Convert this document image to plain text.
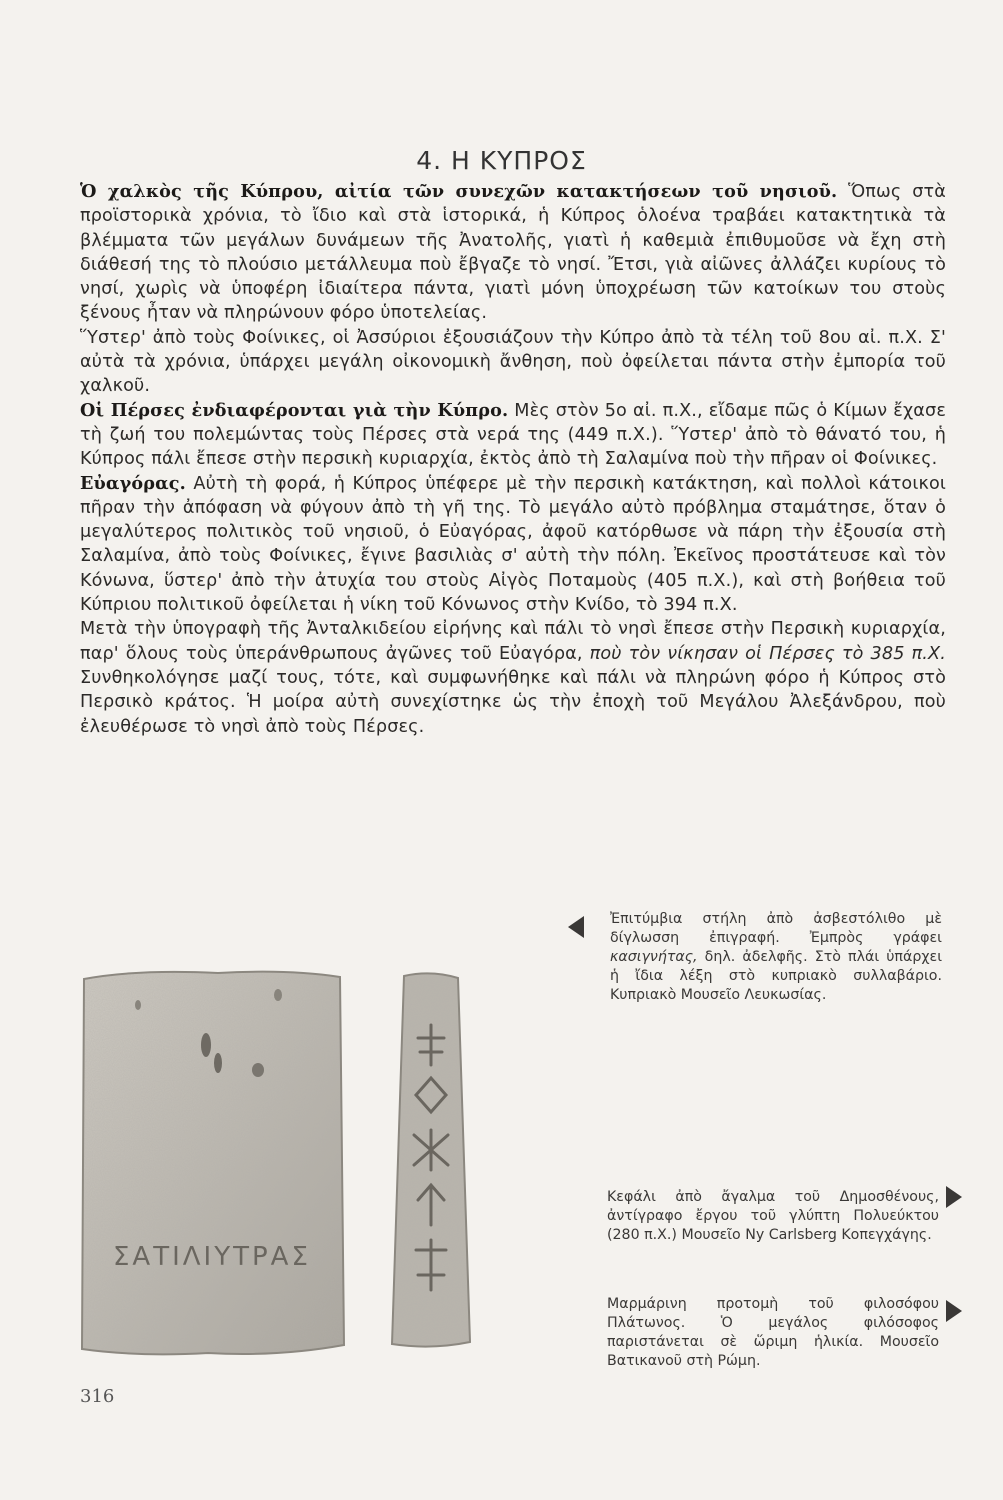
4. Η ΚΥΠΡΟΣ

Ὁ χαλκὸς τῆς Κύπρου, αἰτία τῶν συνεχῶν κατακτήσεων τοῦ νησιοῦ. Ὅπως στὰ προϊστορικὰ χρόνια, τὸ ἴδιο καὶ στὰ ἱστορικά, ἡ Κύπρος ὁλοένα τραβάει κατακτητικὰ τὰ βλέμματα τῶν μεγάλων δυνάμεων τῆς Ἀνατολῆς, γιατὶ ἡ καθεμιὰ ἐπιθυμοῦσε νὰ ἔχη στὴ διάθεσή της τὸ πλούσιο μετάλλευμα ποὺ ἔβγαζε τὸ νησί. Ἔτσι, γιὰ αἰῶνες ἀλλάζει κυρίους τὸ νησί, χωρὶς νὰ ὑποφέρη ἰδιαίτερα πάντα, γιατὶ μόνη ὑποχρέωση τῶν κατοίκων του στοὺς ξένους ἦταν νὰ πληρώνουν φόρο ὑποτελείας.

Ὕστερ' ἀπὸ τοὺς Φοίνικες, οἱ Ἀσσύριοι ἐξουσιάζουν τὴν Κύπρο ἀπὸ τὰ τέλη τοῦ 8ου αἰ. π.Χ. Σ' αὐτὰ τὰ χρόνια, ὑπάρχει μεγάλη οἰκονομικὴ ἄνθηση, ποὺ ὀφείλεται πάντα στὴν ἐμπορία τοῦ χαλκοῦ.

Οἱ Πέρσες ἐνδιαφέρονται γιὰ τὴν Κύπρο. Μὲς στὸν 5ο αἰ. π.Χ., εἴδαμε πῶς ὁ Κίμων ἔχασε τὴ ζωή του πολεμώντας τοὺς Πέρσες στὰ νερά της (449 π.Χ.). Ὕστερ' ἀπὸ τὸ θάνατό του, ἡ Κύπρος πάλι ἔπεσε στὴν περσικὴ κυριαρχία, ἐκτὸς ἀπὸ τὴ Σαλαμίνα ποὺ τὴν πῆραν οἱ Φοίνικες.

Εὐαγόρας. Αὐτὴ τὴ φορά, ἡ Κύπρος ὑπέφερε μὲ τὴν περσικὴ κατάκτηση, καὶ πολλοὶ κάτοικοι πῆραν τὴν ἀπόφαση νὰ φύγουν ἀπὸ τὴ γῆ της. Τὸ μεγάλο αὐτὸ πρόβλημα σταμάτησε, ὅταν ὁ μεγαλύτερος πολιτικὸς τοῦ νησιοῦ, ὁ Εὐαγόρας, ἀφοῦ κατόρθωσε νὰ πάρη τὴν ἐξουσία στὴ Σαλαμίνα, ἀπὸ τοὺς Φοίνικες, ἔγινε βασιλιὰς σ' αὐτὴ τὴν πόλη. Ἐκεῖνος προστάτευσε καὶ τὸν Κόνωνα, ὕστερ' ἀπὸ τὴν ἀτυχία του στοὺς Αἰγὸς Ποταμοὺς (405 π.Χ.), καὶ στὴ βοήθεια τοῦ Κύπριου πολιτικοῦ ὀφείλεται ἡ νίκη τοῦ Κόνωνος στὴν Κνίδο, τὸ 394 π.Χ.

Μετὰ τὴν ὑπογραφὴ τῆς Ἀνταλκιδείου εἰρήνης καὶ πάλι τὸ νησὶ ἔπεσε στὴν Περσικὴ κυριαρχία, παρ' ὅλους τοὺς ὑπεράνθρωπους ἀγῶνες τοῦ Εὐαγόρα, ποὺ τὸν νίκησαν οἱ Πέρσες τὸ 385 π.Χ. Συνθηκολόγησε μαζί τους, τότε, καὶ συμφωνήθηκε καὶ πάλι νὰ πληρώνη φόρο ἡ Κύπρος στὸ Περσικὸ κράτος. Ἡ μοίρα αὐτὴ συνεχίστηκε ὡς τὴν ἐποχὴ τοῦ Μεγάλου Ἀλεξάνδρου, ποὺ ἐλευθέρωσε τὸ νησὶ ἀπὸ τοὺς Πέρσες.

ΣΑΤΙΛΙΥΤΡΑΣ
Ἐπιτύμβια στήλη ἀπὸ ἀσβεστόλιθο μὲ δίγλωσση ἐπιγραφή. Ἐμπρὸς γράφει κασιγνήτας, δηλ. ἀδελφῆς. Στὸ πλάι ὑπάρχει ἡ ἴδια λέξη στὸ κυπριακὸ συλλαβάριο. Κυπριακὸ Μουσεῖο Λευκωσίας.
Κεφάλι ἀπὸ ἄγαλμα τοῦ Δημοσθένους, ἀντίγραφο ἔργου τοῦ γλύπτη Πολυεύκτου (280 π.Χ.) Μουσεῖο Ny Carlsberg Κοπεγχάγης.
Μαρμάρινη προτομὴ τοῦ φιλοσόφου Πλάτωνος. Ὁ μεγάλος φιλόσοφος παριστάνεται σὲ ὥριμη ἡλικία. Μουσεῖο Βατικανοῦ στὴ Ρώμη.
316
